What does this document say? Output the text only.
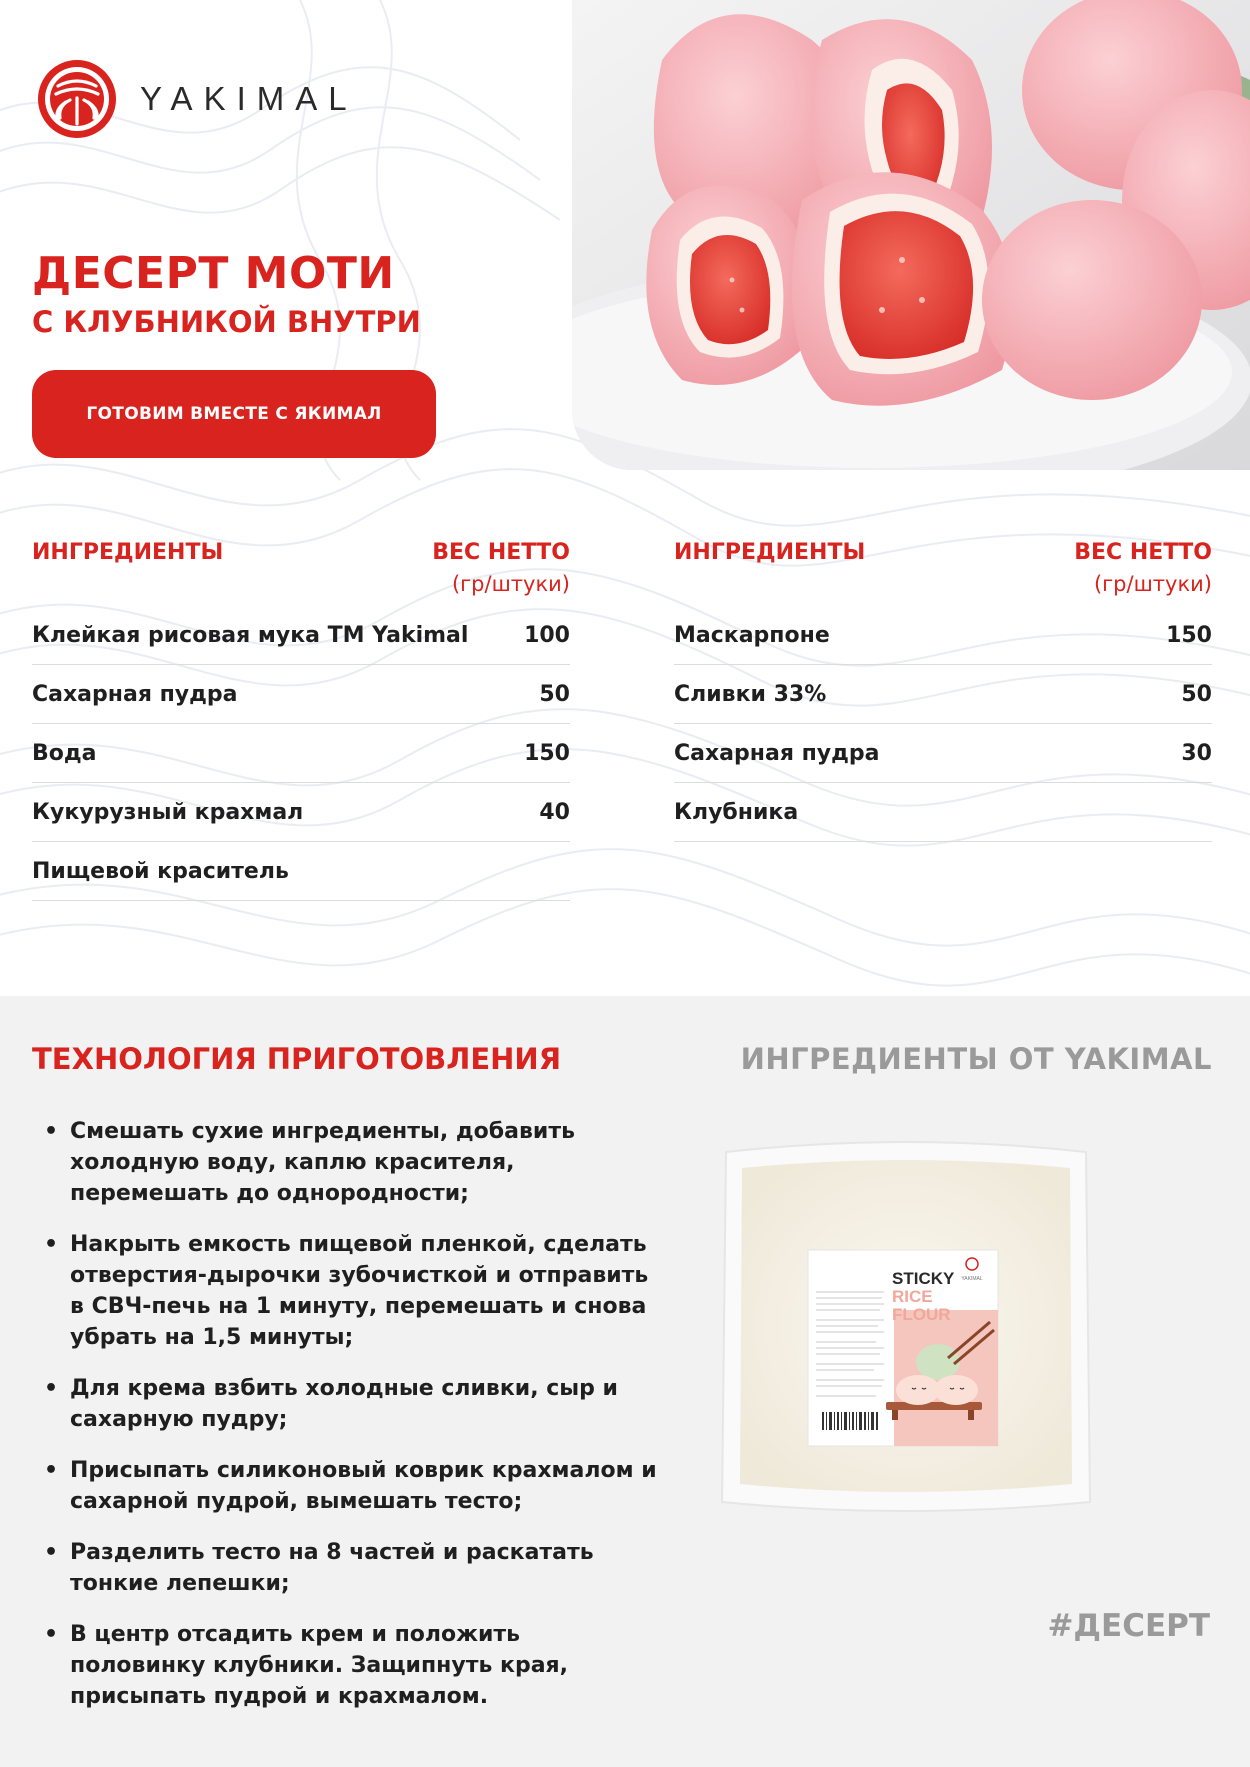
YAKIMAL
ДЕСЕРТ МОТИ
С КЛУБНИКОЙ ВНУТРИ
ГОТОВИМ ВМЕСТЕ С ЯКИМАЛ
ИНГРЕДИЕНТЫ	ВЕС НЕТТО
(гр/штуки)
Клейкая рисовая мука ТМ Yakimal	100
Сахарная пудра	50
Вода	150
Кукурузный крахмал	40
Пищевой краситель
ИНГРЕДИЕНТЫ	ВЕС НЕТТО
(гр/штуки)
Маскарпоне	150
Сливки 33%	50
Сахарная пудра	30
Клубника
ТЕХНОЛОГИЯ ПРИГОТОВЛЕНИЯ	ИНГРЕДИЕНТЫ ОТ YAKIMAL
• Смешать сухие ингредиенты, добавить холодную воду, каплю красителя, перемешать до однородности;
• Накрыть емкость пищевой пленкой, сделать отверстия-дырочки зубочисткой и отправить в СВЧ-печь на 1 минуту, перемешать и снова убрать на 1,5 минуты;
• Для крема взбить холодные сливки, сыр и сахарную пудру;
• Присыпать силиконовый коврик крахмалом и сахарной пудрой, вымешать тесто;
• Разделить тесто на 8 частей и раскатать тонкие лепешки;
• В центр отсадить крем и положить половинку клубники. Защипнуть края, присыпать пудрой и крахмалом.
STICKY
RICE
FLOUR
YAKIMAL
#ДЕСЕРТ
